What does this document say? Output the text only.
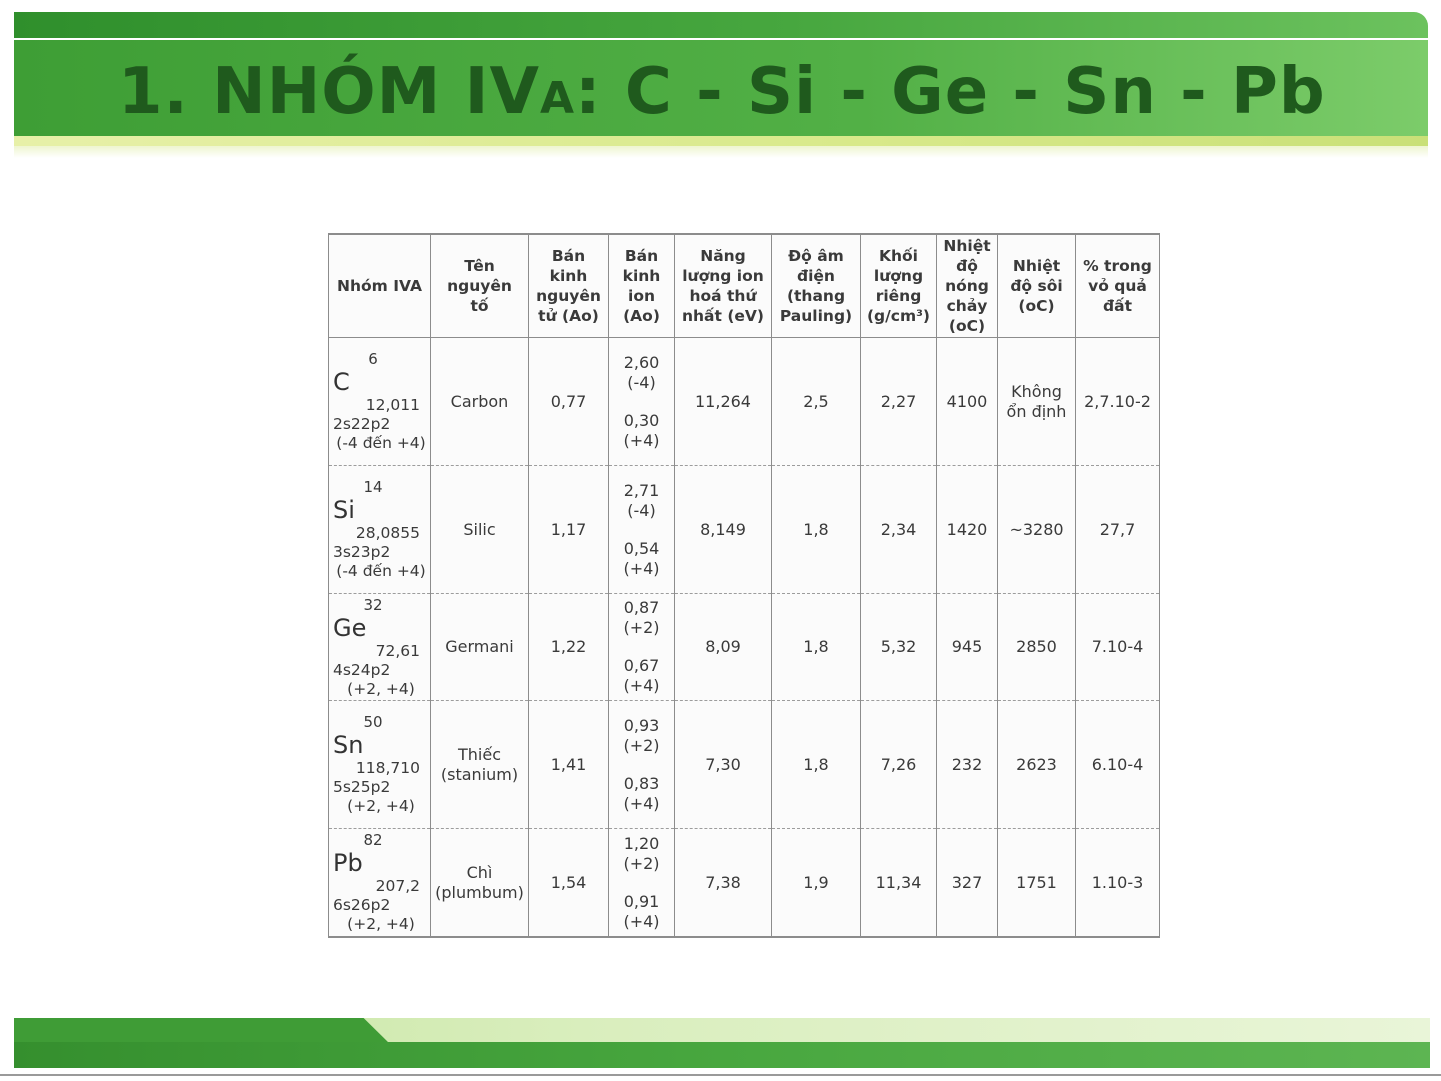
1. NHÓM IVA: C - Si - Ge - Sn - Pb
Nhóm IVA	Tên
nguyên
tố	Bán
kinh
nguyên
tử (Ao)	Bán
kinh
ion
(Ao)	Năng
lượng ion
hoá thứ
nhất (eV)	Độ âm
điện
(thang
Pauling)	Khối
lượng
riêng
(g/cm³)	Nhiệt
độ
nóng
chảy
(oC)	Nhiệt
độ sôi
(oC)	% trong
vỏ quả
đất

6
C
12,011
2s22p2
(-4 đến +4)	Carbon	0,77	2,60
(-4)
0,30
(+4)	11,264	2,5	2,27	4100	Không
ổn định	2,7.10-2

14
Si
28,0855
3s23p2
(-4 đến +4)	Silic	1,17	2,71
(-4)
0,54
(+4)	8,149	1,8	2,34	1420	~3280	27,7

32
Ge
72,61
4s24p2
(+2, +4)	Germani	1,22	0,87
(+2)
0,67
(+4)	8,09	1,8	5,32	945	2850	7.10-4

50
Sn
118,710
5s25p2
(+2, +4)	Thiếc
(stanium)	1,41	0,93
(+2)
0,83
(+4)	7,30	1,8	7,26	232	2623	6.10-4

82
Pb
207,2
6s26p2
(+2, +4)	Chì
(plumbum)	1,54	1,20
(+2)
0,91
(+4)	7,38	1,9	11,34	327	1751	1.10-3
